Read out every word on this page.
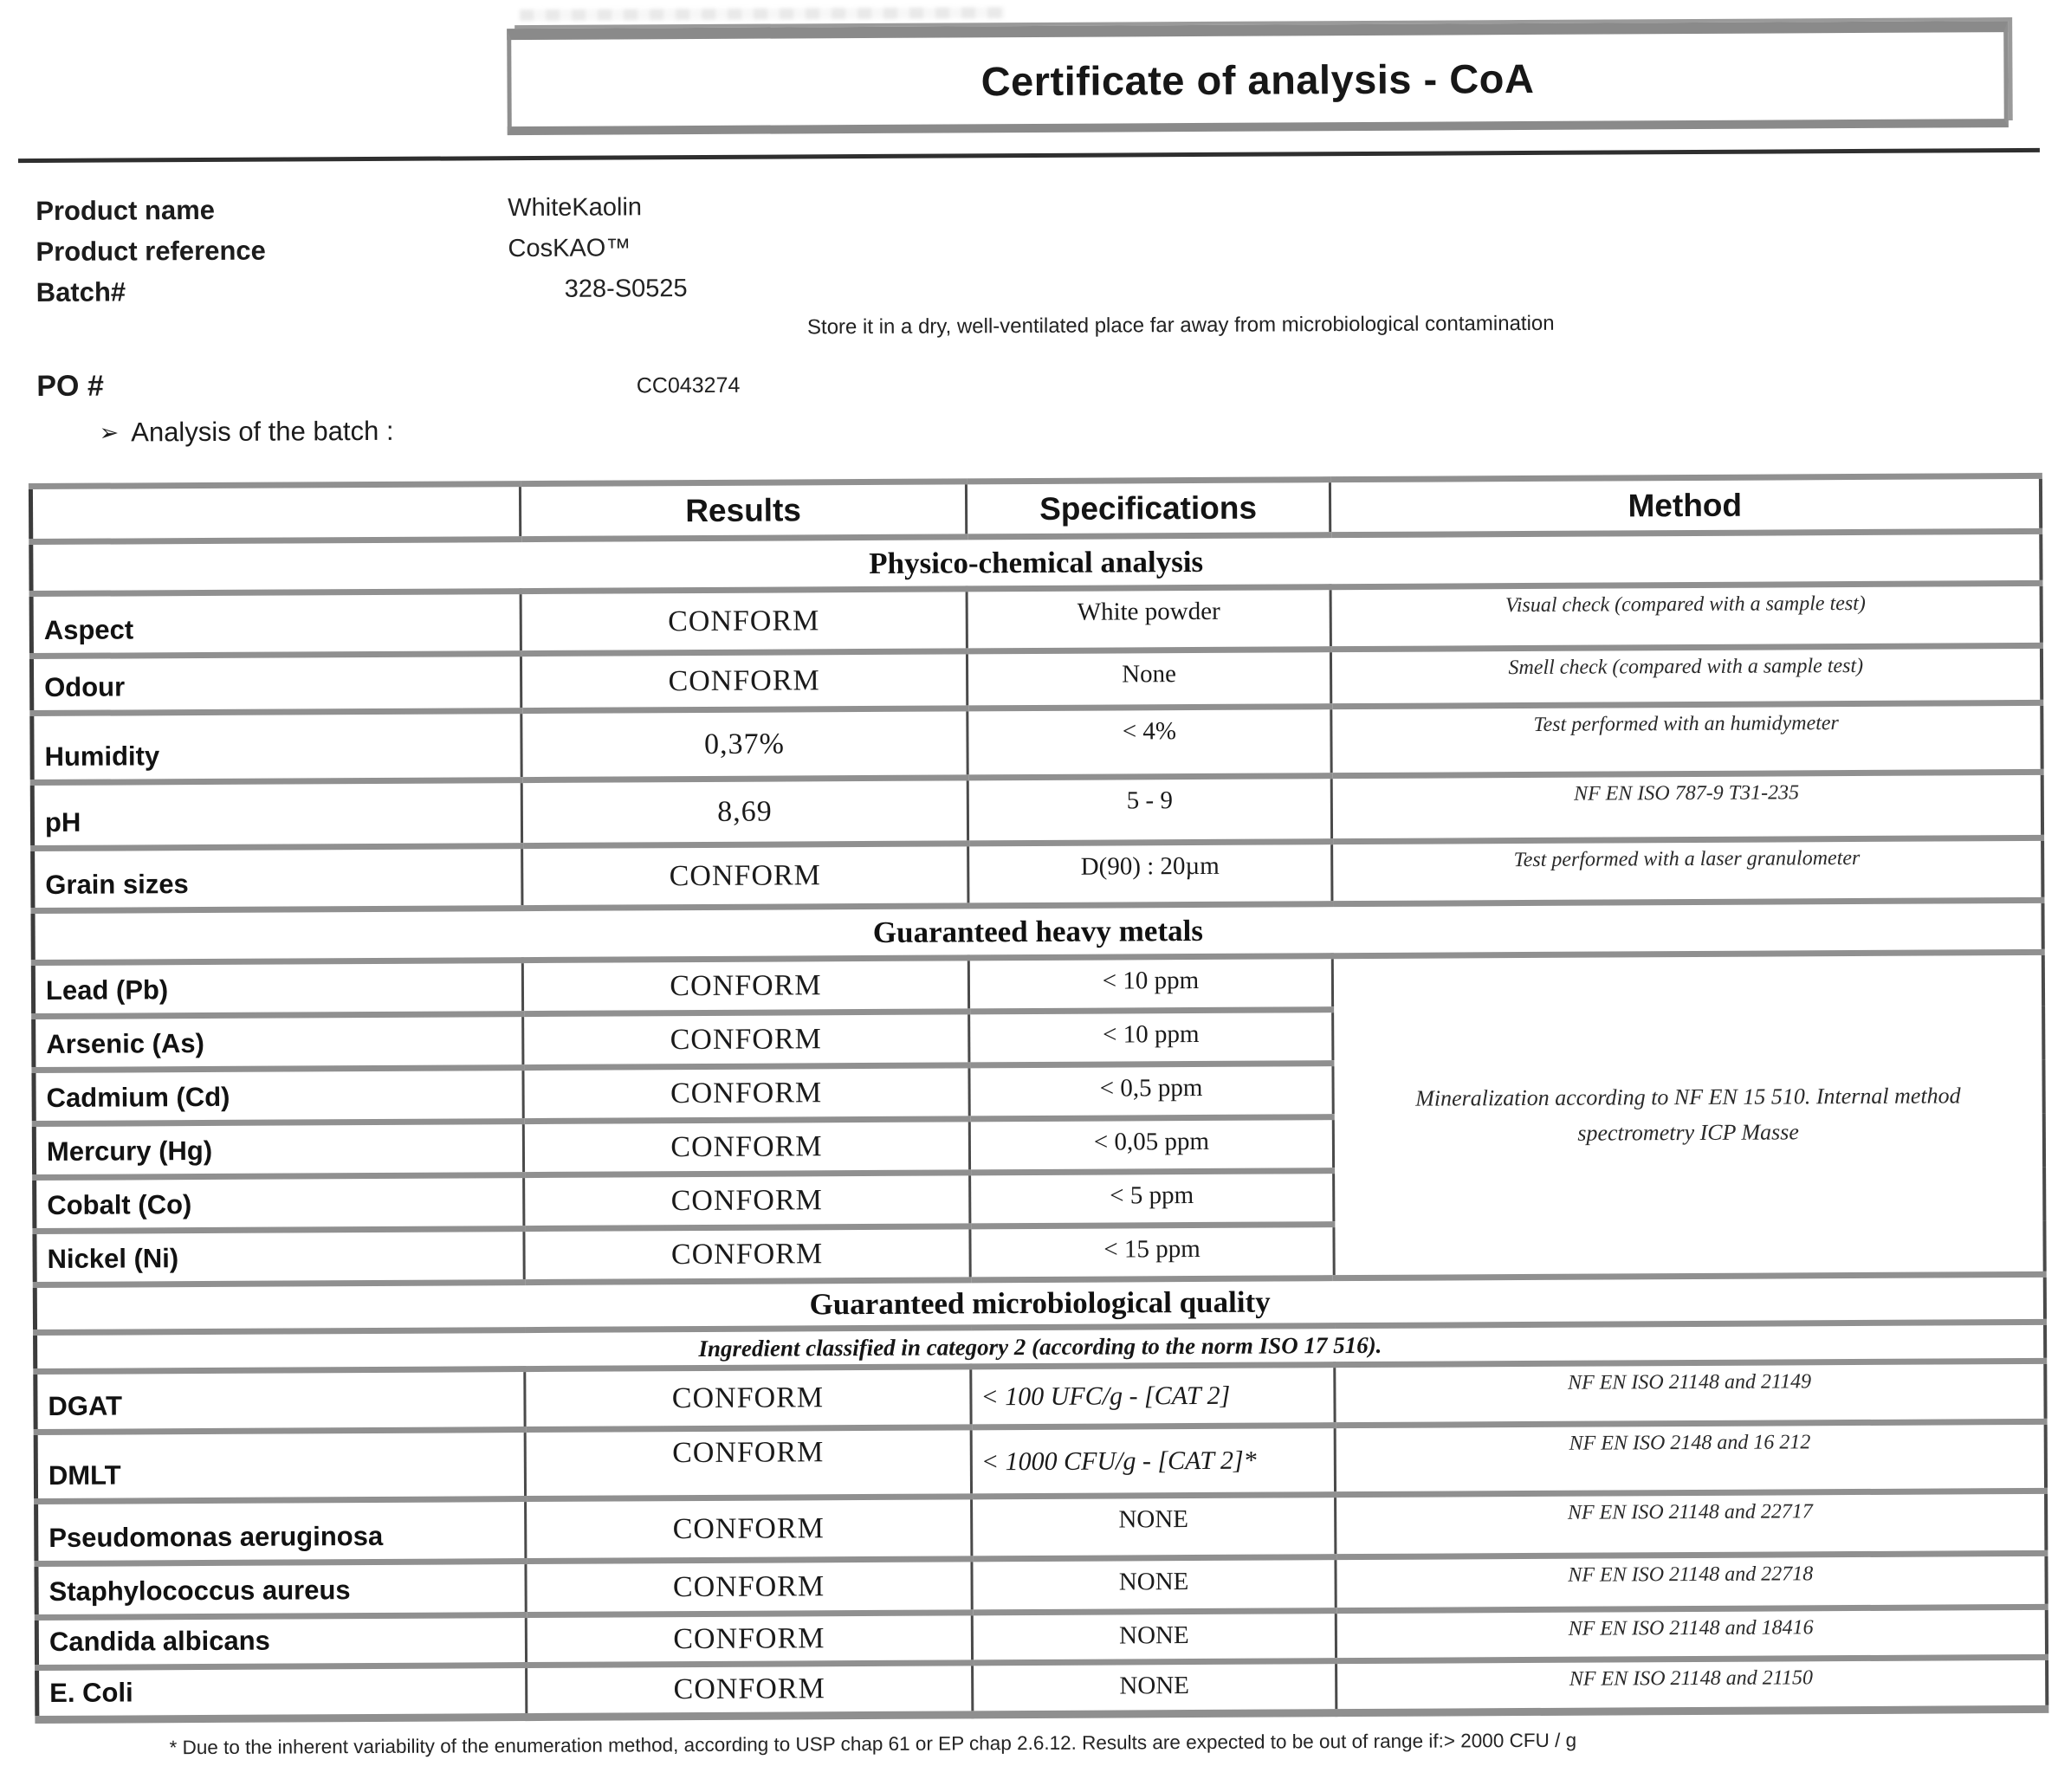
Certificate of analysis - CoA
Product name	WhiteKaolin
Product reference	CosKAO™
Batch#	328-S0525
Store it in a dry, well-ventilated place far away from microbiological contamination
PO #	CC043274
➢ Analysis of the batch :
	Results	Specifications	Method
Physico-chemical analysis			
Aspect	CONFORM	White powder	Visual check (compared with a sample test)
Odour	CONFORM	None	Smell check (compared with a sample test)
Humidity	0,37%	< 4%	Test performed with an humidymeter
pH	8,69	5 - 9	NF EN ISO 787-9 T31-235
Grain sizes	CONFORM	D(90) : 20µm	Test performed with a laser granulometer
Guaranteed heavy metals			
Lead (Pb)	CONFORM	< 10 ppm	Mineralization according to NF EN 15 510. Internal method spectrometry ICP Masse
Arsenic (As)	CONFORM	< 10 ppm	
Cadmium (Cd)	CONFORM	< 0,5 ppm	
Mercury (Hg)	CONFORM	< 0,05 ppm	
Cobalt (Co)	CONFORM	< 5 ppm	
Nickel (Ni)	CONFORM	< 15 ppm	
Guaranteed microbiological quality			
Ingredient classified in category 2 (according to the norm ISO 17 516).			
DGAT	CONFORM	< 100 UFC/g - [CAT 2]	NF EN ISO 21148 and 21149
DMLT	CONFORM	< 1000 CFU/g - [CAT 2]*	NF EN ISO 2148 and 16 212
Pseudomonas aeruginosa	CONFORM	NONE	NF EN ISO 21148 and 22717
Staphylococcus aureus	CONFORM	NONE	NF EN ISO 21148 and 22718
Candida albicans	CONFORM	NONE	NF EN ISO 21148 and 18416
E. Coli	CONFORM	NONE	NF EN ISO 21148 and 21150
* Due to the inherent variability of the enumeration method, according to USP chap 61 or EP chap 2.6.12. Results are expected to be out of range if:> 2000 CFU / g
